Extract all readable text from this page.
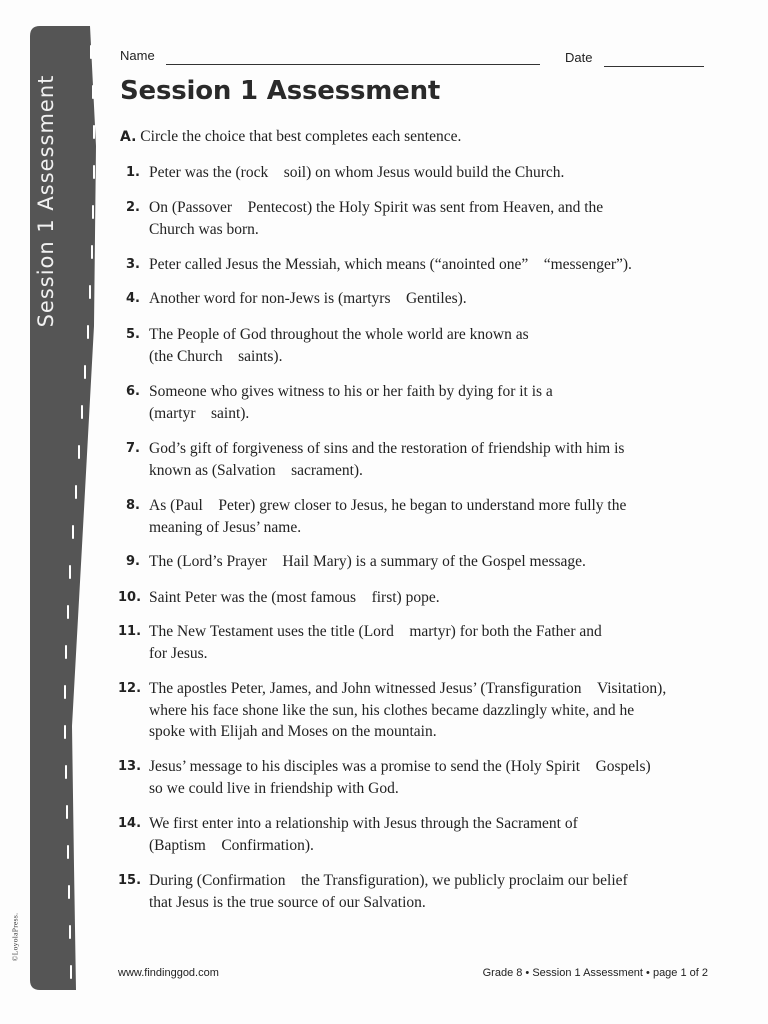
Session 1 Assessment
©LoyolaPress.
Name	Date
Session 1 Assessment
A. Circle the choice that best completes each sentence.
1. Peter was the (rock soil) on whom Jesus would build the Church.
2. On (Passover Pentecost) the Holy Spirit was sent from Heaven, and the
Church was born.
3. Peter called Jesus the Messiah, which means (“anointed one” “messenger”).
4. Another word for non-Jews is (martyrs Gentiles).
5. The People of God throughout the whole world are known as
(the Church saints).
6. Someone who gives witness to his or her faith by dying for it is a
(martyr saint).
7. God’s gift of forgiveness of sins and the restoration of friendship with him is
known as (Salvation sacrament).
8. As (Paul Peter) grew closer to Jesus, he began to understand more fully the
meaning of Jesus’ name.
9. The (Lord’s Prayer Hail Mary) is a summary of the Gospel message.
10. Saint Peter was the (most famous first) pope.
11. The New Testament uses the title (Lord martyr) for both the Father and
for Jesus.
12. The apostles Peter, James, and John witnessed Jesus’ (Transfiguration Visitation),
where his face shone like the sun, his clothes became dazzlingly white, and he
spoke with Elijah and Moses on the mountain.
13. Jesus’ message to his disciples was a promise to send the (Holy Spirit Gospels)
so we could live in friendship with God.
14. We first enter into a relationship with Jesus through the Sacrament of
(Baptism Confirmation).
15. During (Confirmation the Transfiguration), we publicly proclaim our belief
that Jesus is the true source of our Salvation.
www.findinggod.com	Grade 8 • Session 1 Assessment • page 1 of 2
